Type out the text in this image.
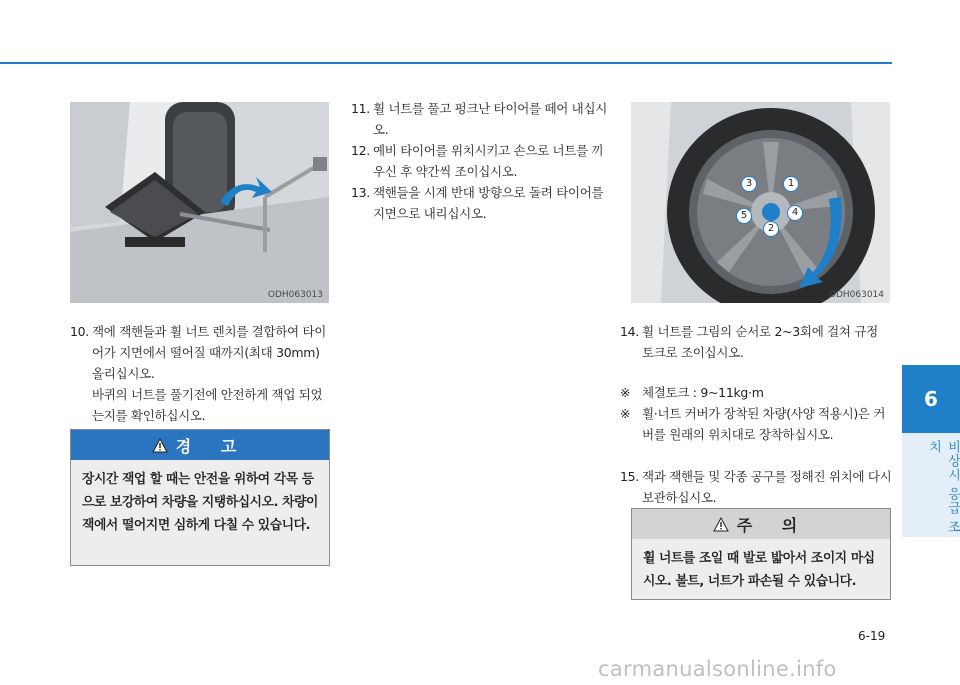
ODH063013
1
2
3
4
5
ODH063014
11. 휠 너트를 풀고 펑크난 타이어를 떼어 내십시오.
12. 예비 타이어를 위치시키고 손으로 너트를 끼우신 후 약간씩 조이십시오.
13. 잭핸들을 시계 반대 방향으로 돌려 타이어를 지면으로 내리십시오.
10. 잭에 잭핸들과 휠 너트 렌치를 결합하여 타이어가 지면에서 떨어질 때까지(최대 30mm) 올리십시오.
바퀴의 너트를 풀기전에 안전하게 잭업 되었는지를 확인하십시오.
경 고
장시간 잭업 할 때는 안전을 위하여 각목 등으로 보강하여 차량을 지탱하십시오. 차량이 잭에서 떨어지면 심하게 다칠 수 있습니다.
14. 휠 너트를 그림의 순서로 2~3회에 걸쳐 규정 토크로 조이십시오.
※ 체결토크 : 9~11kg·m
※ 휠·너트 커버가 장착된 차량(사양 적용시)은 커버를 원래의 위치대로 장착하십시오.
15. 잭과 잭핸들 및 각종 공구를 정해진 위치에 다시 보관하십시오.
주 의
휠 너트를 조일 때 발로 밟아서 조이지 마십시오. 볼트, 너트가 파손될 수 있습니다.
6
비상시 응급 조치
6-19
carmanualsonline.info
